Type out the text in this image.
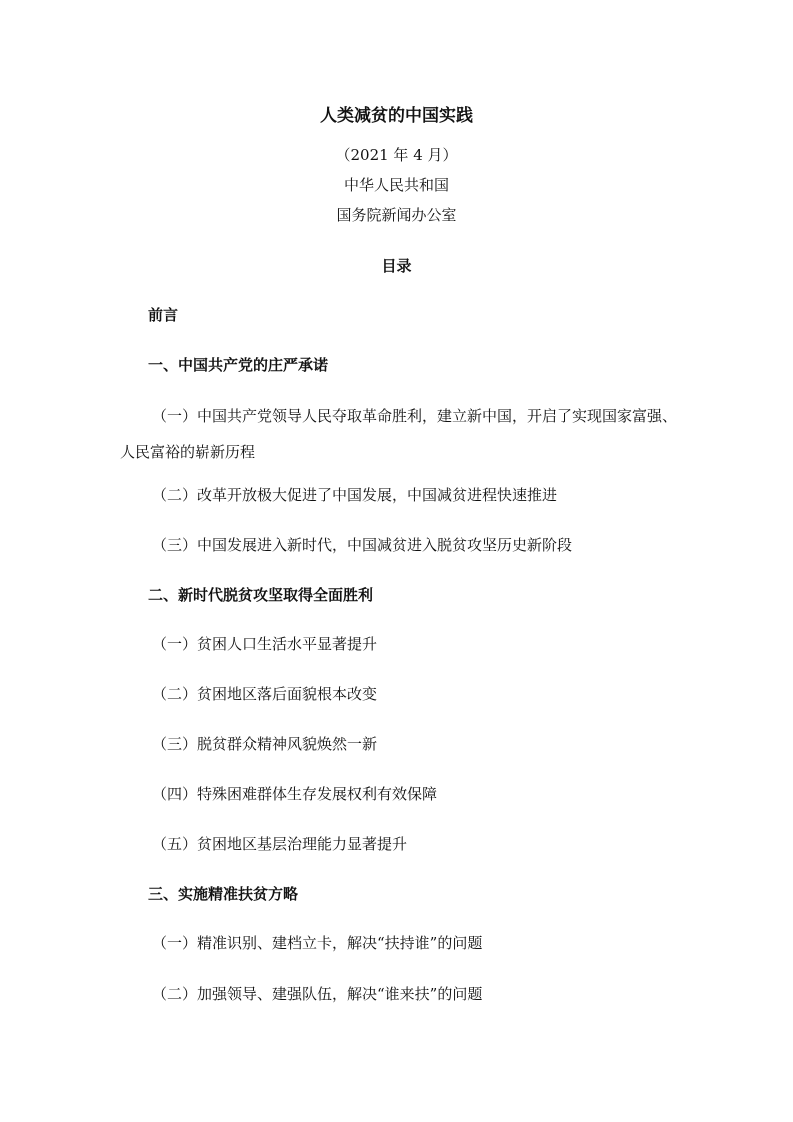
人类减贫的中国实践
（2021 年 4 月）
中华人民共和国
国务院新闻办公室
目录
前言
一、中国共产党的庄严承诺
（一）中国共产党领导人民夺取革命胜利，建立新中国，开启了实现国家富强、人民富裕的崭新历程
（二）改革开放极大促进了中国发展，中国减贫进程快速推进
（三）中国发展进入新时代，中国减贫进入脱贫攻坚历史新阶段
二、新时代脱贫攻坚取得全面胜利
（一）贫困人口生活水平显著提升
（二）贫困地区落后面貌根本改变
（三）脱贫群众精神风貌焕然一新
（四）特殊困难群体生存发展权利有效保障
（五）贫困地区基层治理能力显著提升
三、实施精准扶贫方略
（一）精准识别、建档立卡，解决“扶持谁”的问题
（二）加强领导、建强队伍，解决“谁来扶”的问题
